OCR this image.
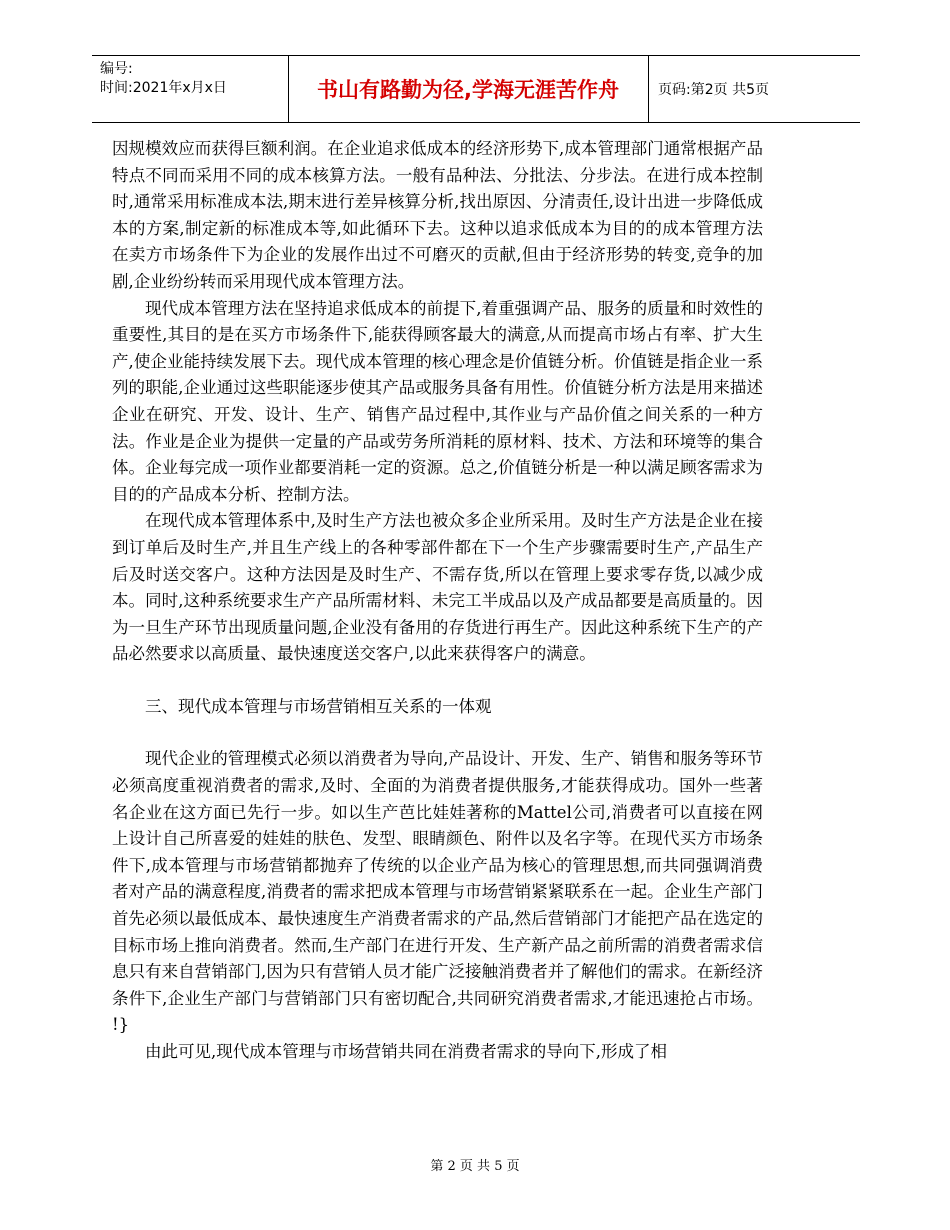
编号:
时间:2021年x月x日	书山有路勤为径,学海无涯苦作舟	页码:第2页 共5页

因规模效应而获得巨额利润。在企业追求低成本的经济形势下,成本管理部门通常根据产品特点不同而采用不同的成本核算方法。一般有品种法、分批法、分步法。在进行成本控制时,通常采用标准成本法,期末进行差异核算分析,找出原因、分清责任,设计出进一步降低成本的方案,制定新的标准成本等,如此循环下去。这种以追求低成本为目的的成本管理方法在卖方市场条件下为企业的发展作出过不可磨灭的贡献,但由于经济形势的转变,竞争的加剧,企业纷纷转而采用现代成本管理方法。

现代成本管理方法在坚持追求低成本的前提下,着重强调产品、服务的质量和时效性的重要性,其目的是在买方市场条件下,能获得顾客最大的满意,从而提高市场占有率、扩大生产,使企业能持续发展下去。现代成本管理的核心理念是价值链分析。价值链是指企业一系列的职能,企业通过这些职能逐步使其产品或服务具备有用性。价值链分析方法是用来描述企业在研究、开发、设计、生产、销售产品过程中,其作业与产品价值之间关系的一种方法。作业是企业为提供一定量的产品或劳务所消耗的原材料、技术、方法和环境等的集合体。企业每完成一项作业都要消耗一定的资源。总之,价值链分析是一种以满足顾客需求为目的的产品成本分析、控制方法。

在现代成本管理体系中,及时生产方法也被众多企业所采用。及时生产方法是企业在接到订单后及时生产,并且生产线上的各种零部件都在下一个生产步骤需要时生产,产品生产后及时送交客户。这种方法因是及时生产、不需存货,所以在管理上要求零存货,以减少成本。同时,这种系统要求生产产品所需材料、未完工半成品以及产成品都要是高质量的。因为一旦生产环节出现质量问题,企业没有备用的存货进行再生产。因此这种系统下生产的产品必然要求以高质量、最快速度送交客户,以此来获得客户的满意。

三、现代成本管理与市场营销相互关系的一体观

现代企业的管理模式必须以消费者为导向,产品设计、开发、生产、销售和服务等环节必须高度重视消费者的需求,及时、全面的为消费者提供服务,才能获得成功。国外一些著名企业在这方面已先行一步。如以生产芭比娃娃著称的Mattel公司,消费者可以直接在网上设计自己所喜爱的娃娃的肤色、发型、眼睛颜色、附件以及名字等。在现代买方市场条件下,成本管理与市场营销都抛弃了传统的以企业产品为核心的管理思想,而共同强调消费者对产品的满意程度,消费者的需求把成本管理与市场营销紧紧联系在一起。企业生产部门首先必须以最低成本、最快速度生产消费者需求的产品,然后营销部门才能把产品在选定的目标市场上推向消费者。然而,生产部门在进行开发、生产新产品之前所需的消费者需求信息只有来自营销部门,因为只有营销人员才能广泛接触消费者并了解他们的需求。在新经济条件下,企业生产部门与营销部门只有密切配合,共同研究消费者需求,才能迅速抢占市场。 !}

由此可见,现代成本管理与市场营销共同在消费者需求的导向下,形成了相

第 2 页 共 5 页
